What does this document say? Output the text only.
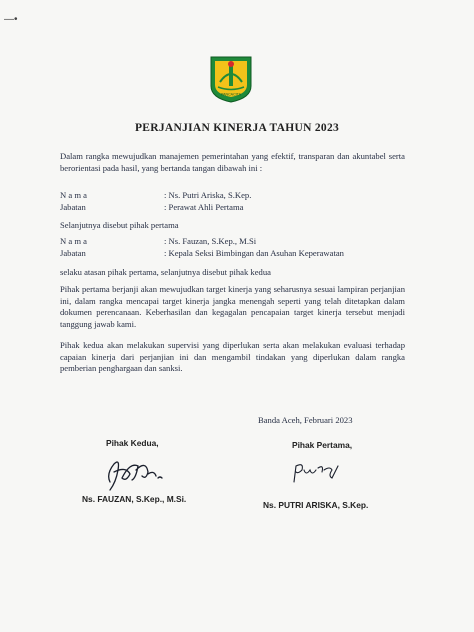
—•
PANCACITA
PERJANJIAN KINERJA TAHUN 2023
Dalam rangka mewujudkan manajemen pemerintahan yang efektif, transparan dan akuntabel serta berorientasi pada hasil, yang bertanda tangan dibawah ini :
N a m a	: Ns. Putri Ariska, S.Kep.
Jabatan	: Perawat Ahli Pertama
Selanjutnya disebut pihak pertama
N a m a	: Ns. Fauzan, S.Kep., M.Si
Jabatan	: Kepala Seksi Bimbingan dan Asuhan Keperawatan
selaku atasan pihak pertama, selanjutnya disebut pihak kedua
Pihak pertama berjanji akan mewujudkan target kinerja yang seharusnya sesuai lampiran perjanjian ini, dalam rangka mencapai target kinerja jangka menengah seperti yang telah ditetapkan dalam dokumen perencanaan. Keberhasilan dan kegagalan pencapaian target kinerja tersebut menjadi tanggung jawab kami.
Pihak kedua akan melakukan supervisi yang diperlukan serta akan melakukan evaluasi terhadap capaian kinerja dari perjanjian ini dan mengambil tindakan yang diperlukan dalam rangka pemberian penghargaan dan sanksi.
Banda Aceh, Februari 2023
Pihak Kedua,	Pihak Pertama,
Ns. FAUZAN, S.Kep., M.Si.
Ns. PUTRI ARISKA, S.Kep.
